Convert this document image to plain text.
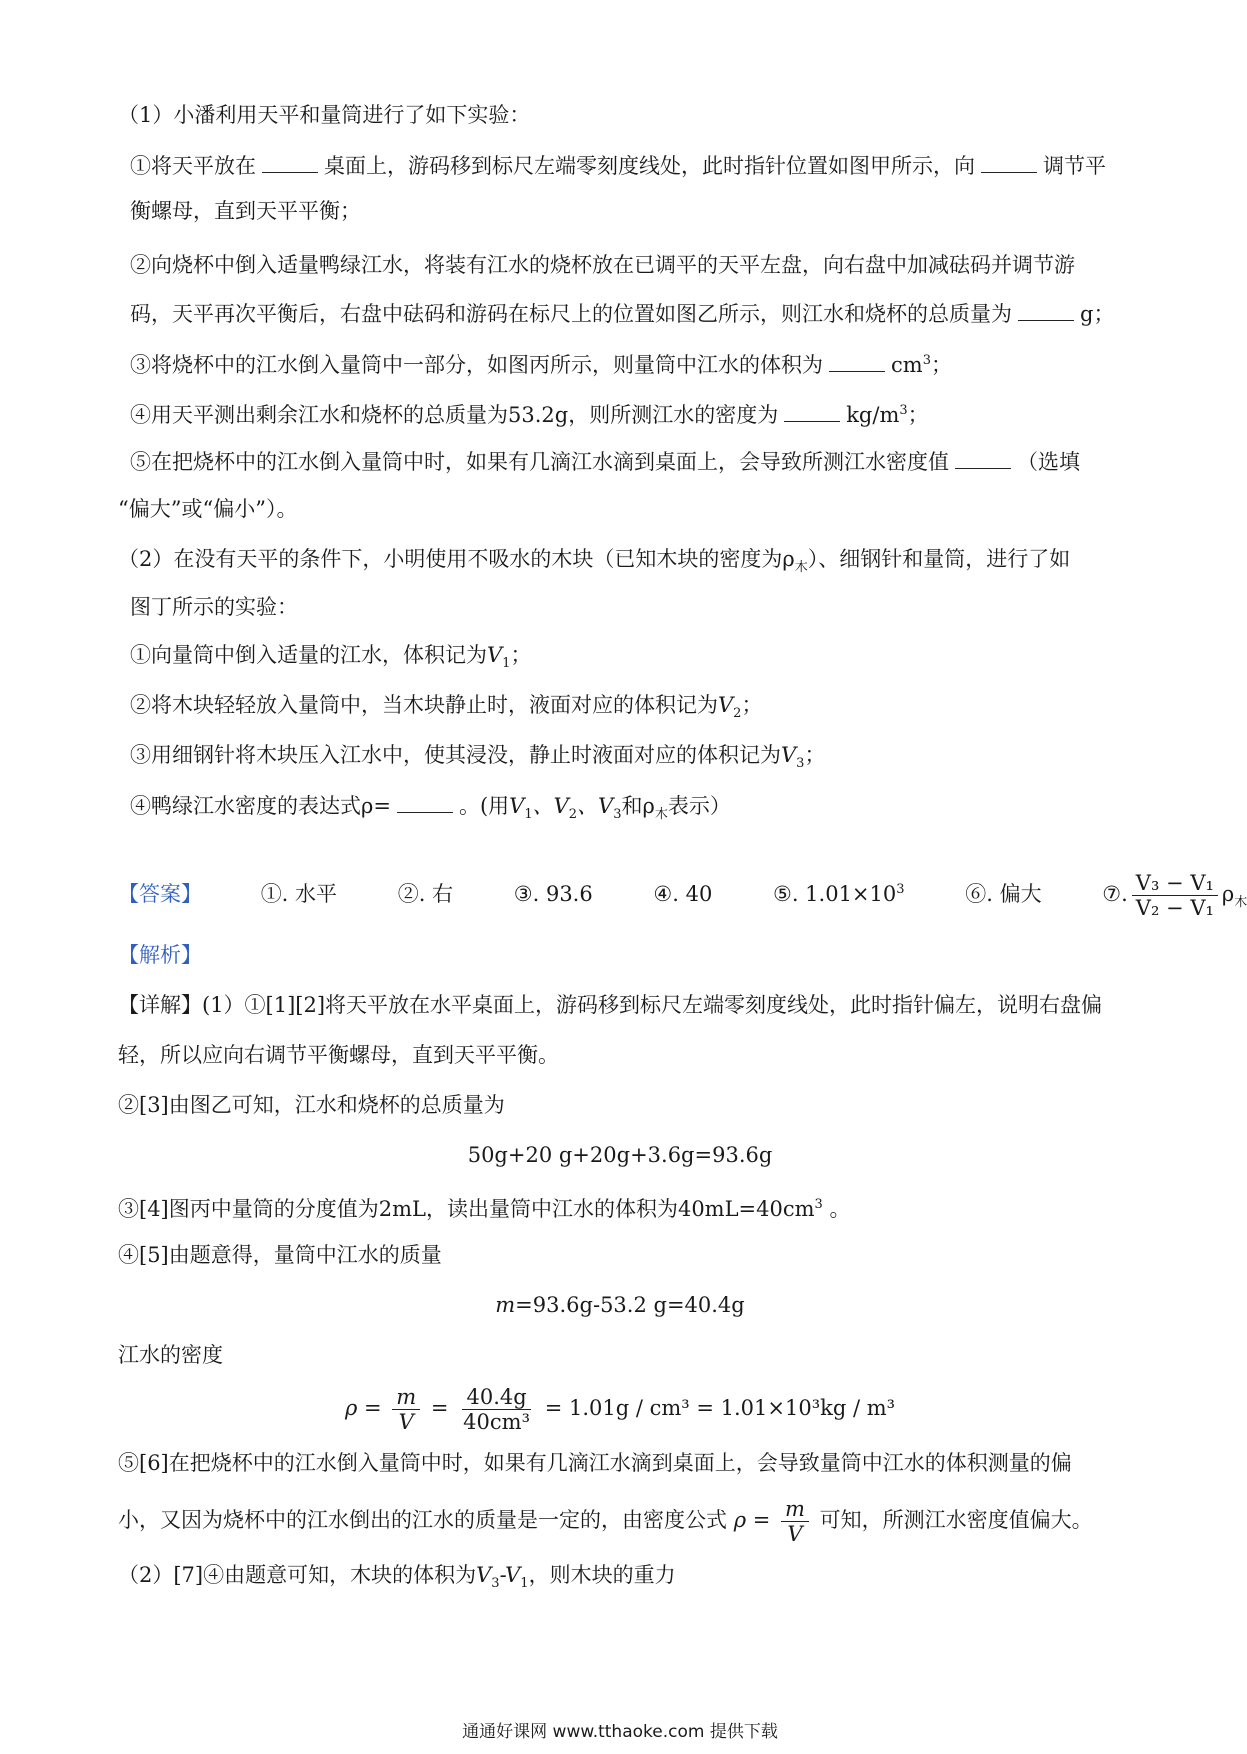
（1）小潘利用天平和量筒进行了如下实验：
①将天平放在	桌面上，游码移到标尺左端零刻度线处，此时指针位置如图甲所示，向	调节平
衡螺母，直到天平平衡；
②向烧杯中倒入适量鸭绿江水，将装有江水的烧杯放在已调平的天平左盘，向右盘中加减砝码并调节游
码，天平再次平衡后，右盘中砝码和游码在标尺上的位置如图乙所示，则江水和烧杯的总质量为	g；
③将烧杯中的江水倒入量筒中一部分，如图丙所示，则量筒中江水的体积为	$cm^3$；
④用天平测出剩余江水和烧杯的总质量为53.2g，则所测江水的密度为	$kg/m^3$；
⑤在把烧杯中的江水倒入量筒中时，如果有几滴江水滴到桌面上，会导致所测江水密度值	（选填
“偏大”或“偏小”）。
（2）在没有天平的条件下，小明使用不吸水的木块（已知木块的密度为$\rho_木$）、细钢针和量筒，进行了如
图丁所示的实验：
①向量筒中倒入适量的江水，体积记为$V_1$；
②将木块轻轻放入量筒中，当木块静止时，液面对应的体积记为$V_2$；
③用细钢针将木块压入江水中，使其浸没，静止时液面对应的体积记为$V_3$；
④鸭绿江水密度的表达式ρ=	。(用$V_1$、$V_2$、$V_3$和$\rho_木$表示）
【答案】	①. 水平	②. 右	③. 93.6	④. 40	⑤. $1.01\times 10^3$	⑥. 偏大	⑦. $\frac{\text{V₃ − V₁}}{\text{V₂ − V₁}} \rho_木$
【解析】
【详解】(1）①[1][2]将天平放在水平桌面上，游码移到标尺左端零刻度线处，此时指针偏左，说明右盘偏
轻，所以应向右调节平衡螺母，直到天平平衡。
②[3]由图乙可知，江水和烧杯的总质量为
50g+20 g+20g+3.6g=93.6g
③[4]图丙中量筒的分度值为2mL，读出量筒中江水的体积为$40mL=40cm^3$ 。
④[5]由题意得，量筒中江水的质量
m=93.6g-53.2 g=40.4g
江水的密度
$\rho = \frac{m}{V} = \frac{40.4g}{\text{40cm³}} = 1.01g / cm^3 = 1.01\times 10^3kg / m^3$
⑤[6]在把烧杯中的江水倒入量筒中时，如果有几滴江水滴到桌面上，会导致量筒中江水的体积测量的偏
小，又因为烧杯中的江水倒出的江水的质量是一定的，由密度公式 $\rho = \frac{m}{V}$ 可知，所测江水密度值偏大。
（2）[7]④由题意可知，木块的体积为$V_3-V_1$，则木块的重力
通通好课网 www.tthaoke.com 提供下载
